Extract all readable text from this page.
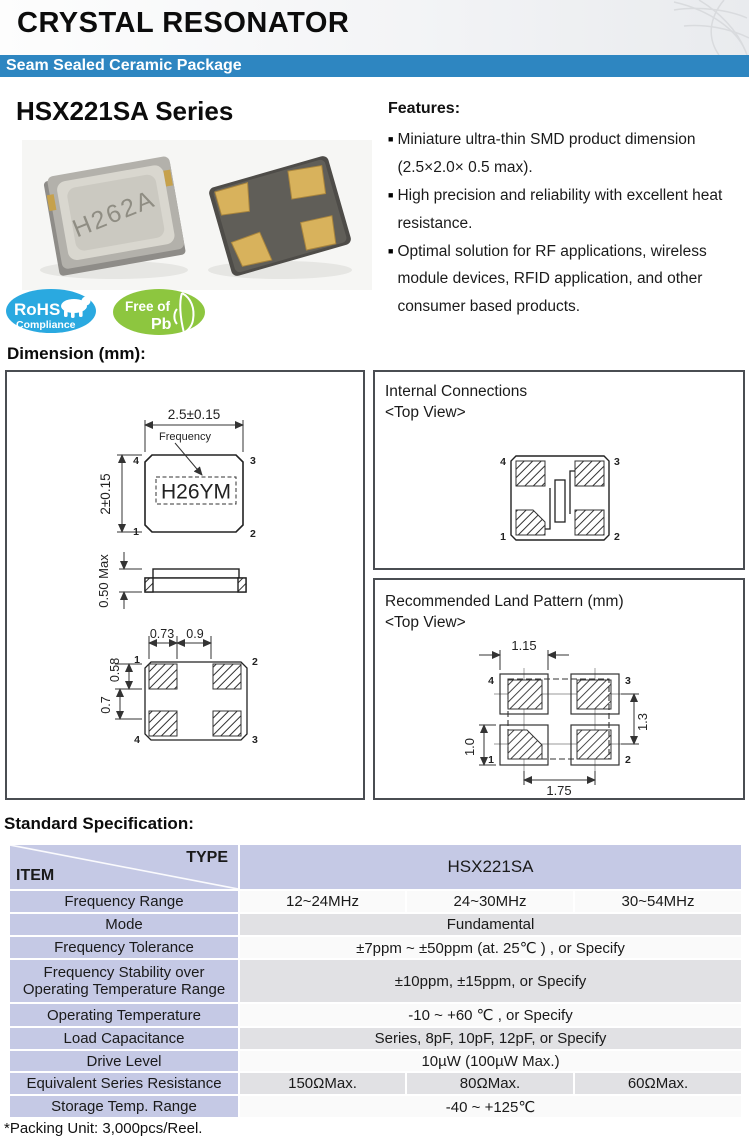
CRYSTAL RESONATOR
Seam Sealed Ceramic Package
HSX221SA Series
H262A
RoHS
Compliance
Free of
Pb
Features:
■ Miniature ultra-thin SMD product dimension (2.5×2.0× 0.5 max).
■ High precision and reliability with excellent heat resistance.
■ Optimal solution for RF applications, wireless module devices, RFID application, and other consumer based products.
Dimension (mm):
H26YM
Frequency
2.5±0.15
2±0.15
4	3
1	2
0.50 Max
0.73 0.9
0.58
0.7
1	2
4	3
Internal Connections
<Top View>
4	3
1	2
Recommended Land Pattern (mm)
<Top View>
1.15
1.3
1.0
1.75
4	3
1	2
Standard Specification:
TYPE
ITEM	HSX221SA		
Frequency Range	12~24MHz	24~30MHz	30~54MHz
Mode	Fundamental		
Frequency Tolerance	±7ppm ~ ±50ppm (at. 25℃ ) , or Specify		
Frequency Stability over Operating Temperature Range	±10ppm, ±15ppm, or Specify		
Operating Temperature	-10 ~ +60 ℃ , or Specify		
Load Capacitance	Series, 8pF, 10pF, 12pF, or Specify		
Drive Level	10µW (100µW Max.)		
Equivalent Series Resistance	150ΩMax.	80ΩMax.	60ΩMax.
Storage Temp. Range	-40 ~ +125℃		
*Packing Unit: 3,000pcs/Reel.
